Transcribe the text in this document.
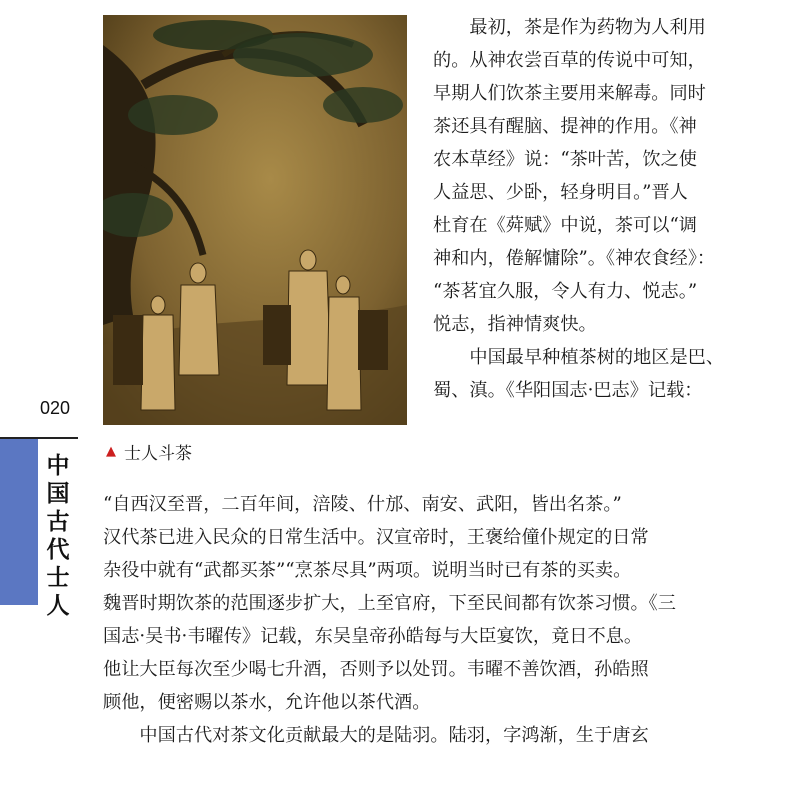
▲ 士人斗茶
020
中
国
古
代
士
人
　　最初，茶是作为药物为人利用
的。从神农尝百草的传说中可知，
早期人们饮茶主要用来解毒。同时
茶还具有醒脑、提神的作用。《神
农本草经》说：“茶叶苦，饮之使
人益思、少卧，轻身明目。”晋人
杜育在《荈赋》中说，茶可以“调
神和内，倦解慵除”。《神农食经》：
“茶茗宜久服，令人有力、悦志。”
悦志，指神情爽快。
　　中国最早种植茶树的地区是巴、
蜀、滇。《华阳国志·巴志》记载：
“自西汉至晋，二百年间，涪陵、什邡、南安、武阳，皆出名茶。”
汉代茶已进入民众的日常生活中。汉宣帝时，王褒给僮仆规定的日常
杂役中就有“武都买茶”“烹茶尽具”两项。说明当时已有茶的买卖。
魏晋时期饮茶的范围逐步扩大，上至官府，下至民间都有饮茶习惯。《三
国志·吴书·韦曜传》记载，东吴皇帝孙皓每与大臣宴饮，竟日不息。
他让大臣每次至少喝七升酒，否则予以处罚。韦曜不善饮酒，孙皓照
顾他，便密赐以茶水，允许他以茶代酒。
　　中国古代对茶文化贡献最大的是陆羽。陆羽，字鸿渐，生于唐玄
